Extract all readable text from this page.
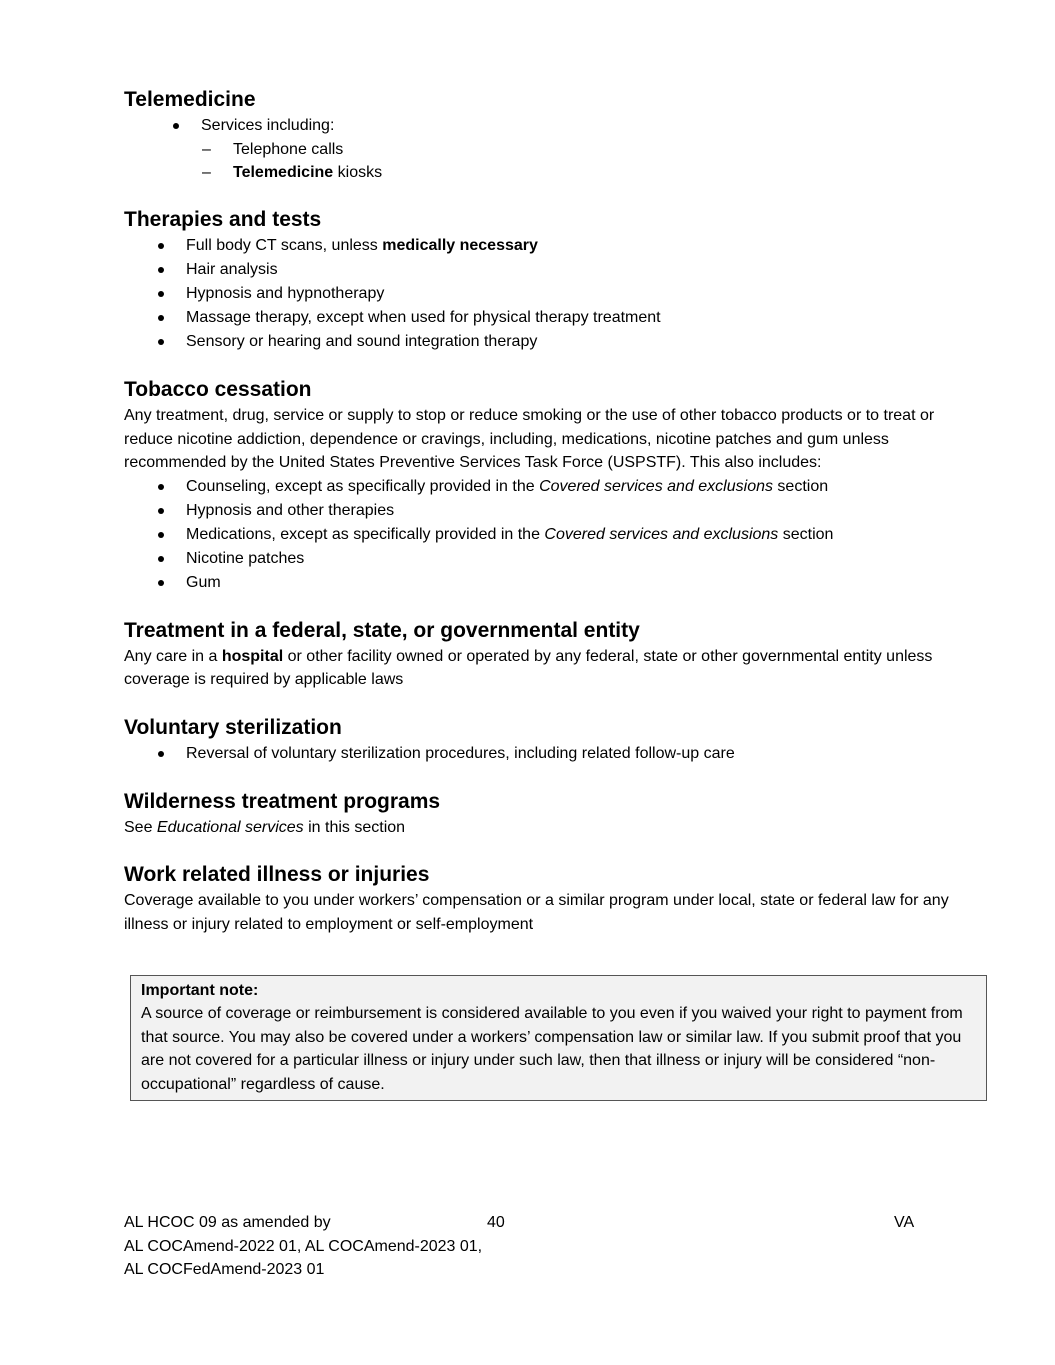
Telemedicine
Services including:
– Telephone calls
– Telemedicine kiosks
Therapies and tests
Full body CT scans, unless medically necessary
Hair analysis
Hypnosis and hypnotherapy
Massage therapy, except when used for physical therapy treatment
Sensory or hearing and sound integration therapy
Tobacco cessation

Any treatment, drug, service or supply to stop or reduce smoking or the use of other tobacco products or to treat or reduce nicotine addiction, dependence or cravings, including, medications, nicotine patches and gum unless recommended by the United States Preventive Services Task Force (USPSTF). This also includes:

Counseling, except as specifically provided in the Covered services and exclusions section
Hypnosis and other therapies
Medications, except as specifically provided in the Covered services and exclusions section
Nicotine patches
Gum
Treatment in a federal, state, or governmental entity

Any care in a hospital or other facility owned or operated by any federal, state or other governmental entity unless coverage is required by applicable laws

Voluntary sterilization
Reversal of voluntary sterilization procedures, including related follow-up care
Wilderness treatment programs

See Educational services in this section

Work related illness or injuries

Coverage available to you under workers’ compensation or a similar program under local, state or federal law for any illness or injury related to employment or self-employment

Important note:

A source of coverage or reimbursement is considered available to you even if you waived your right to payment from that source. You may also be covered under a workers’ compensation law or similar law. If you submit proof that you are not covered for a particular illness or injury under such law, then that illness or injury will be considered “non-occupational” regardless of cause.

AL HCOC 09 as amended by
AL COCAmend-2022 01, AL COCAmend-2023 01,
AL COCFedAmend-2023 01
40	VA
